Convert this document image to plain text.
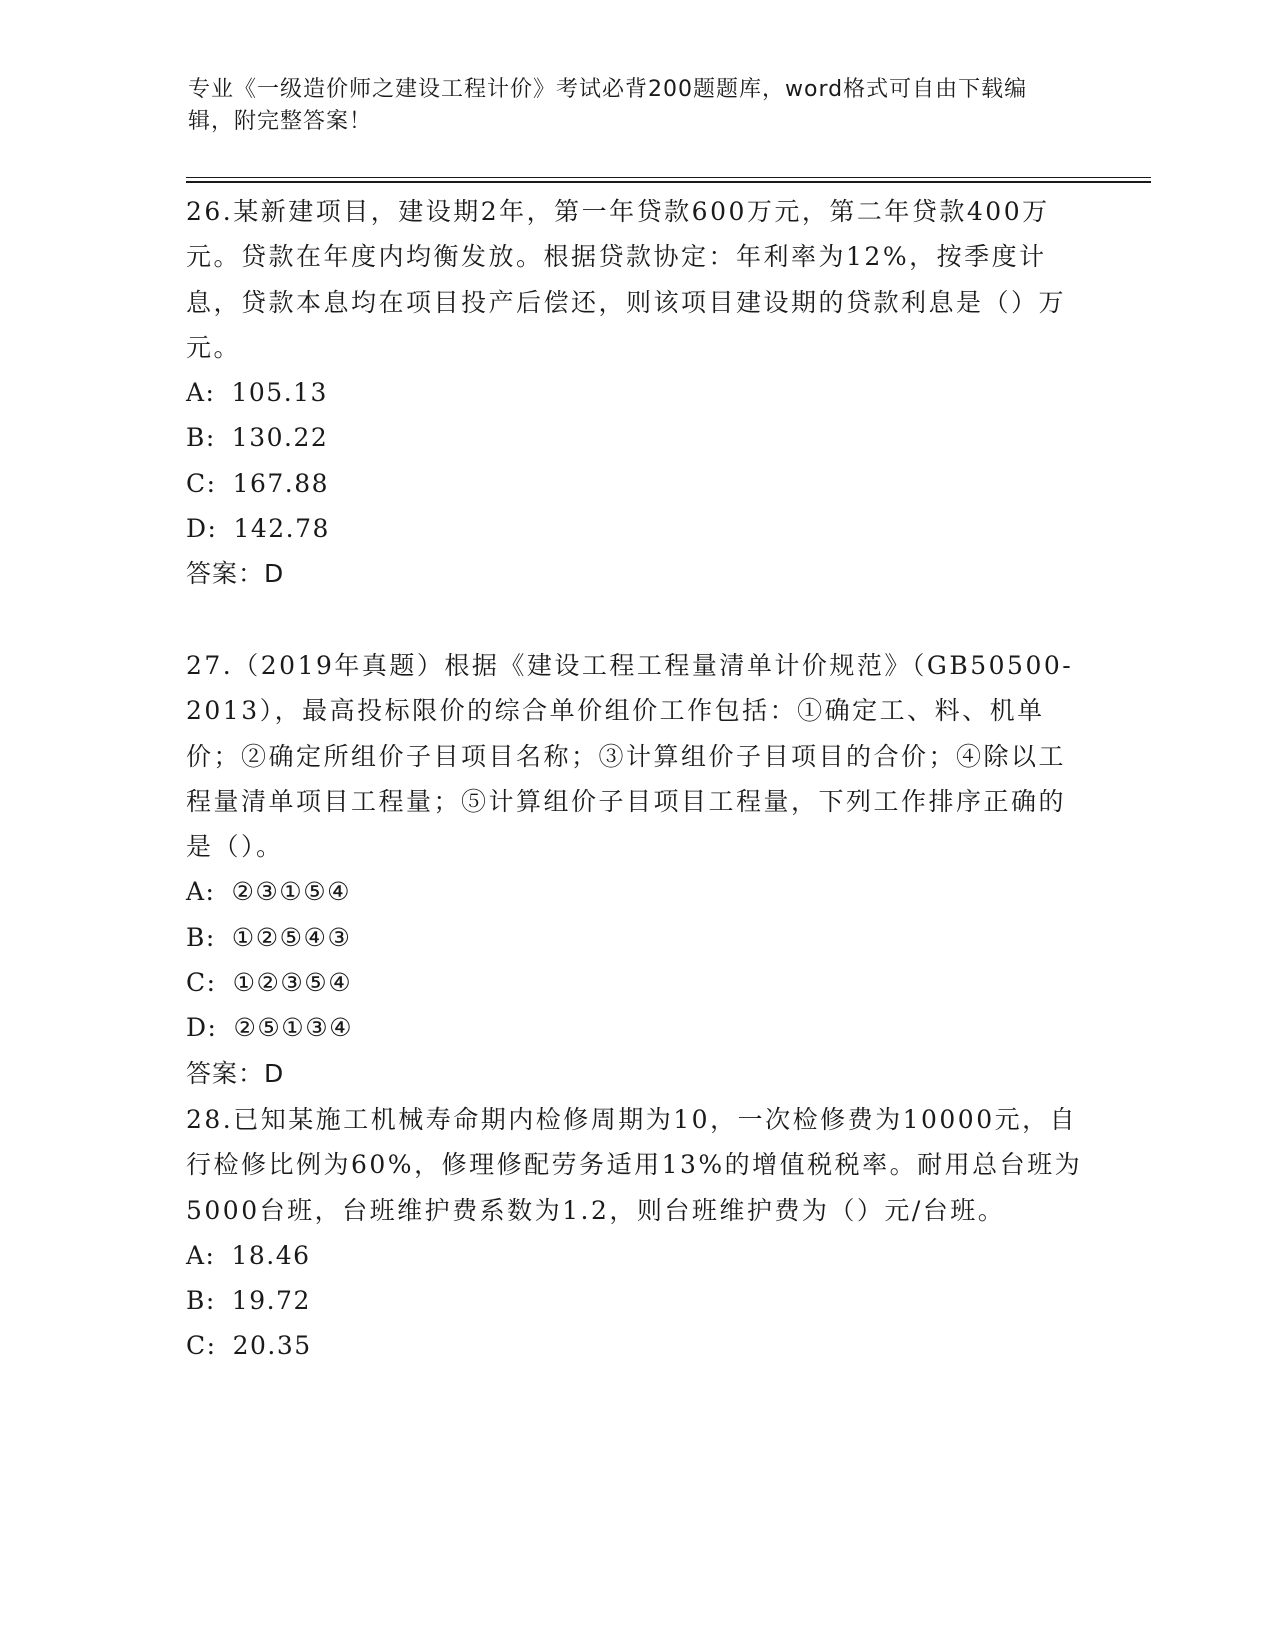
专业《一级造价师之建设工程计价》考试必背200题题库，word格式可自由下载编辑，附完整答案！

26.某新建项目，建设期2年，第一年贷款600万元，第二年贷款400万元。贷款在年度内均衡发放。根据贷款协定：年利率为12%，按季度计息，贷款本息均在项目投产后偿还，则该项目建设期的贷款利息是（）万元。

A: 105.13
B: 130.22
C: 167.88
D: 142.78
答案：D

27.（2019年真题）根据《建设工程工程量清单计价规范》（GB50500-2013），最高投标限价的综合单价组价工作包括：①确定工、料、机单价；②确定所组价子目项目名称；③计算组价子目项目的合价；④除以工程量清单项目工程量；⑤计算组价子目项目工程量，下列工作排序正确的是（）。

A: ②③①⑤④
B: ①②⑤④③
C: ①②③⑤④
D: ②⑤①③④
答案：D

28.已知某施工机械寿命期内检修周期为10，一次检修费为10000元，自行检修比例为60%，修理修配劳务适用13%的增值税税率。耐用总台班为5000台班，台班维护费系数为1.2，则台班维护费为（）元/台班。

A: 18.46
B: 19.72
C: 20.35
